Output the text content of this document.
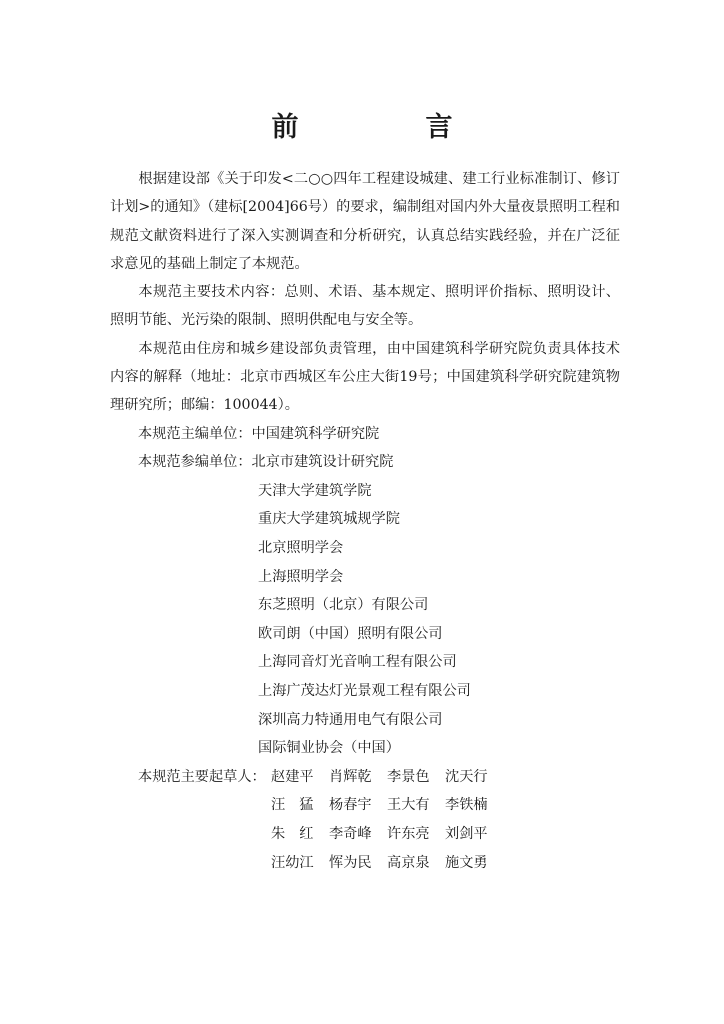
前　言

根据建设部《关于印发<二○○四年工程建设城建、建工行业标准制订、修订计划>的通知》（建标[2004]66号）的要求，编制组对国内外大量夜景照明工程和规范文献资料进行了深入实测调查和分析研究，认真总结实践经验，并在广泛征求意见的基础上制定了本规范。

本规范主要技术内容：总则、术语、基本规定、照明评价指标、照明设计、照明节能、光污染的限制、照明供配电与安全等。

本规范由住房和城乡建设部负责管理，由中国建筑科学研究院负责具体技术内容的解释（地址：北京市西城区车公庄大街19号；中国建筑科学研究院建筑物理研究所；邮编：100044）。

本规范主编单位：中国建筑科学研究院
本规范参编单位：北京市建筑设计研究院
天津大学建筑学院
重庆大学建筑城规学院
北京照明学会
上海照明学会
东芝照明（北京）有限公司
欧司朗（中国）照明有限公司
上海同音灯光音响工程有限公司
上海广茂达灯光景观工程有限公司
深圳高力特通用电气有限公司
国际铜业协会（中国）
本规范主要起草人： 赵建平	肖辉乾	李景色	沈天行
汪猛 杨春宇	王大有	李铁楠
朱红 李奇峰	许东亮	刘剑平
汪幼江	恽为民	高京泉	施文勇
